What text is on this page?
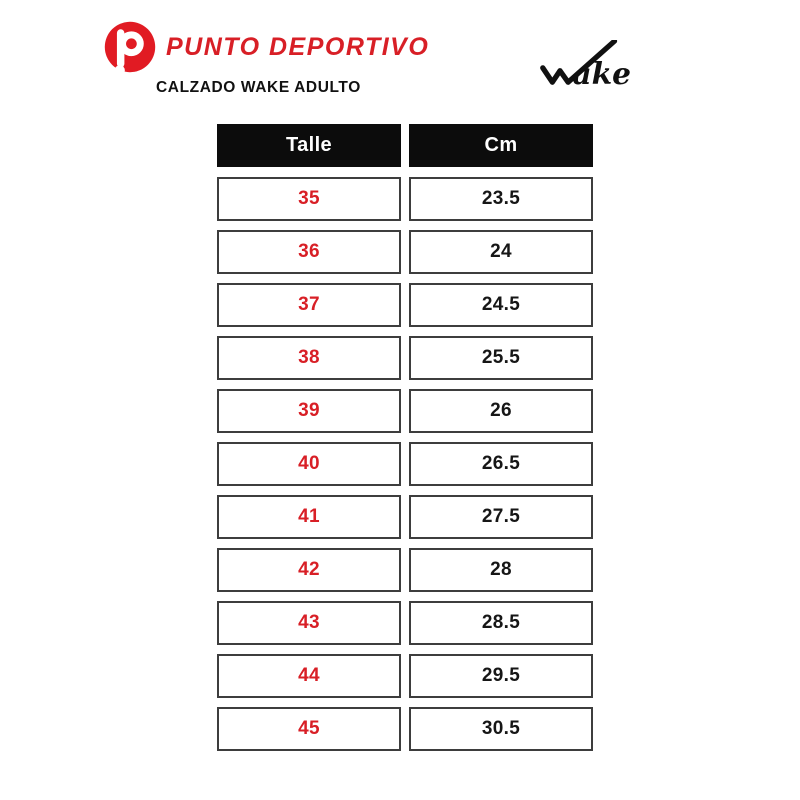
PUNTO DEPORTIVO
CALZADO WAKE ADULTO	ake
Talle	Cm
35	23.5
36	24
37	24.5
38	25.5
39	26
40	26.5
41	27.5
42	28
43	28.5
44	29.5
45	30.5
